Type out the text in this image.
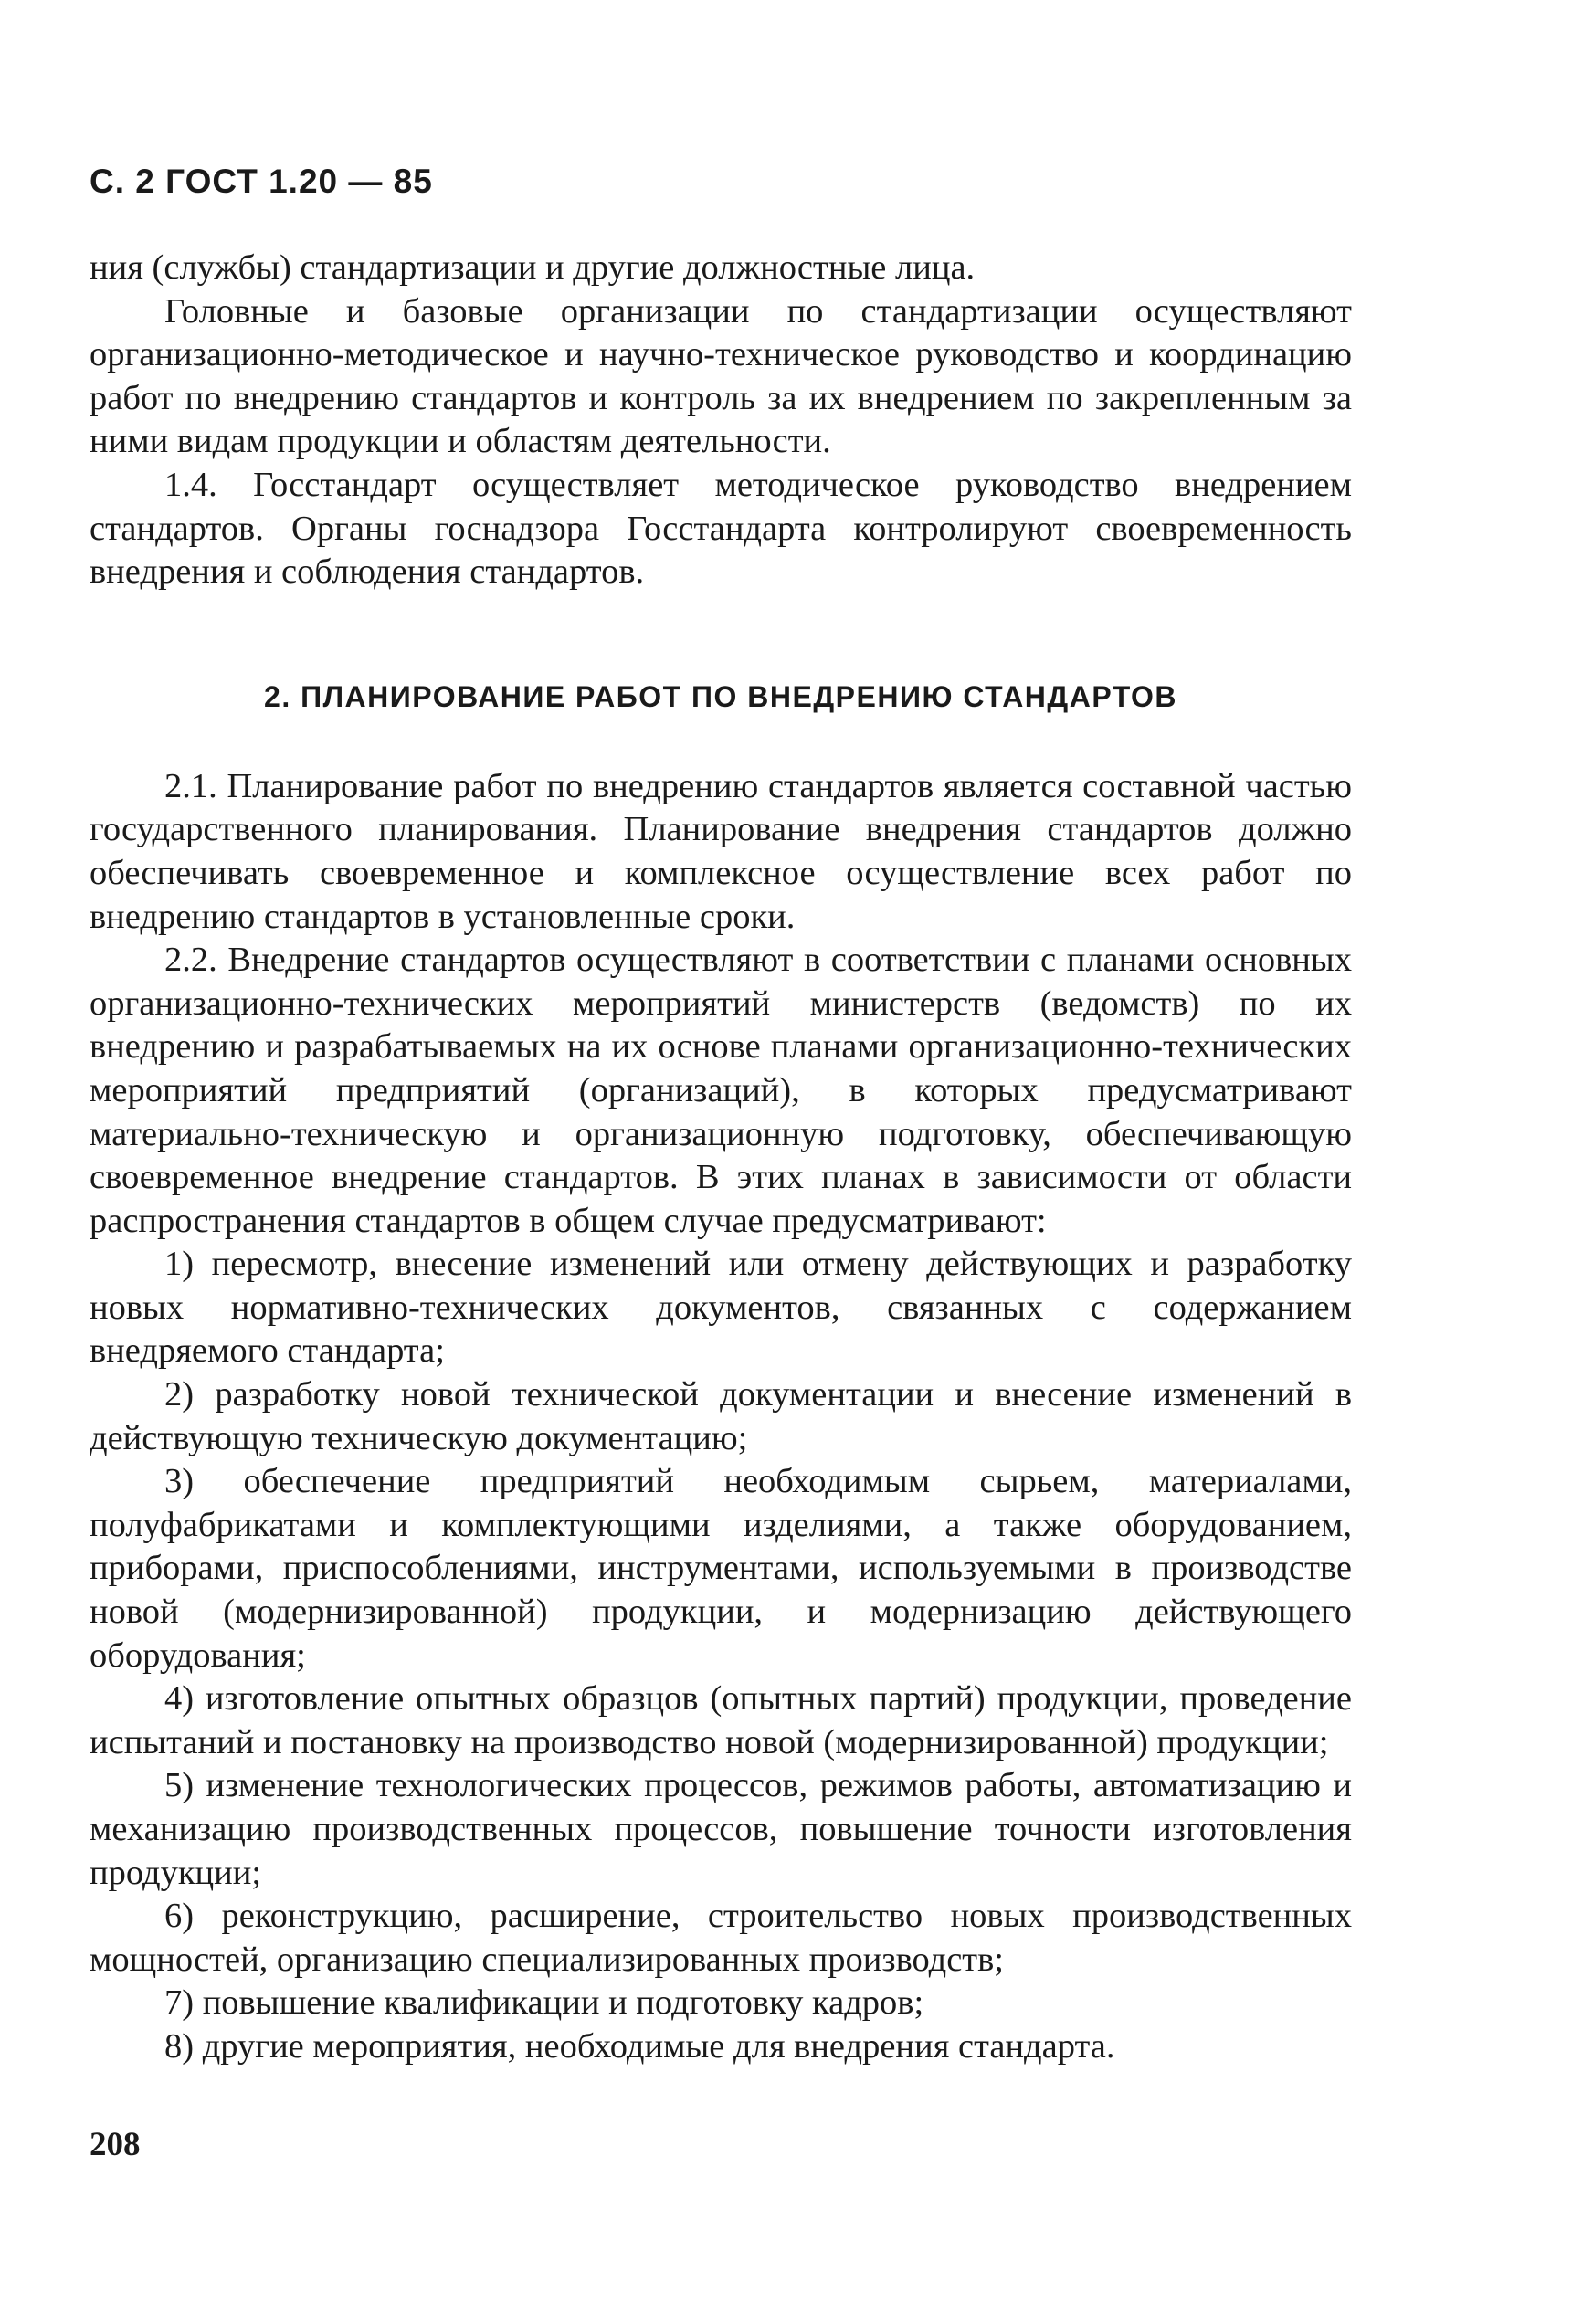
С. 2 ГОСТ 1.20 — 85

ния (службы) стандартизации и другие должностные лица.

Головные и базовые организации по стандартизации осуществляют организационно-методическое и научно-техническое руководство и координацию работ по внедрению стандартов и контроль за их внедрением по закрепленным за ними видам продукции и областям деятельности.

1.4. Госстандарт осуществляет методическое руководство внедрением стандартов. Органы госнадзора Госстандарта контролируют своевременность внедрения и соблюдения стандартов.

2. ПЛАНИРОВАНИЕ РАБОТ ПО ВНЕДРЕНИЮ СТАНДАРТОВ

2.1. Планирование работ по внедрению стандартов является составной частью государственного планирования. Планирование внедрения стандартов должно обеспечивать своевременное и комплексное осуществление всех работ по внедрению стандартов в установленные сроки.

2.2. Внедрение стандартов осуществляют в соответствии с планами основных организационно-технических мероприятий министерств (ведомств) по их внедрению и разрабатываемых на их основе планами организационно-технических мероприятий предприятий (организаций), в которых предусматривают материально-техническую и организационную подготовку, обеспечивающую своевременное внедрение стандартов. В этих планах в зависимости от области распространения стандартов в общем случае предусматривают:

1) пересмотр, внесение изменений или отмену действующих и разработку новых нормативно-технических документов, связанных с содержанием внедряемого стандарта;

2) разработку новой технической документации и внесение изменений в действующую техническую документацию;

3) обеспечение предприятий необходимым сырьем, материалами, полуфабрикатами и комплектующими изделиями, а также оборудованием, приборами, приспособлениями, инструментами, используемыми в производстве новой (модернизированной) продукции, и модернизацию действующего оборудования;

4) изготовление опытных образцов (опытных партий) продукции, проведение испытаний и постановку на производство новой (модернизированной) продукции;

5) изменение технологических процессов, режимов работы, автоматизацию и механизацию производственных процессов, повышение точности изготовления продукции;

6) реконструкцию, расширение, строительство новых производственных мощностей, организацию специализированных производств;

7) повышение квалификации и подготовку кадров;

8) другие мероприятия, необходимые для внедрения стандарта.

208
